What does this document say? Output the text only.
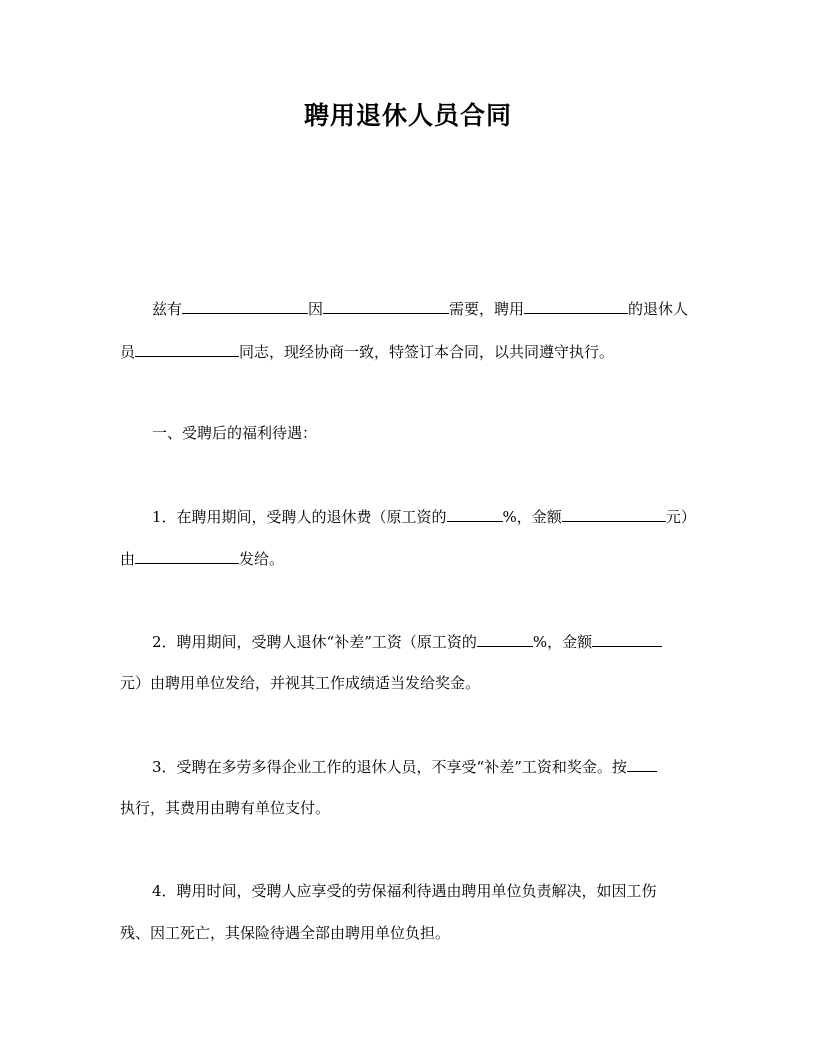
聘用退休人员合同
兹有	因	需要，聘用	的退休人
员	同志，现经协商一致，特签订本合同，以共同遵守执行。
一、受聘后的福利待遇：
1．在聘用期间，受聘人的退休费（原工资的	%，金额	元）
由	发给。
2．聘用期间，受聘人退休“补差”工资（原工资的	%，金额
元）由聘用单位发给，并视其工作成绩适当发给奖金。
3．受聘在多劳多得企业工作的退休人员，不享受“补差”工资和奖金。按
执行，其费用由聘有单位支付。
4．聘用时间，受聘人应享受的劳保福利待遇由聘用单位负责解决，如因工伤
残、因工死亡，其保险待遇全部由聘用单位负担。
